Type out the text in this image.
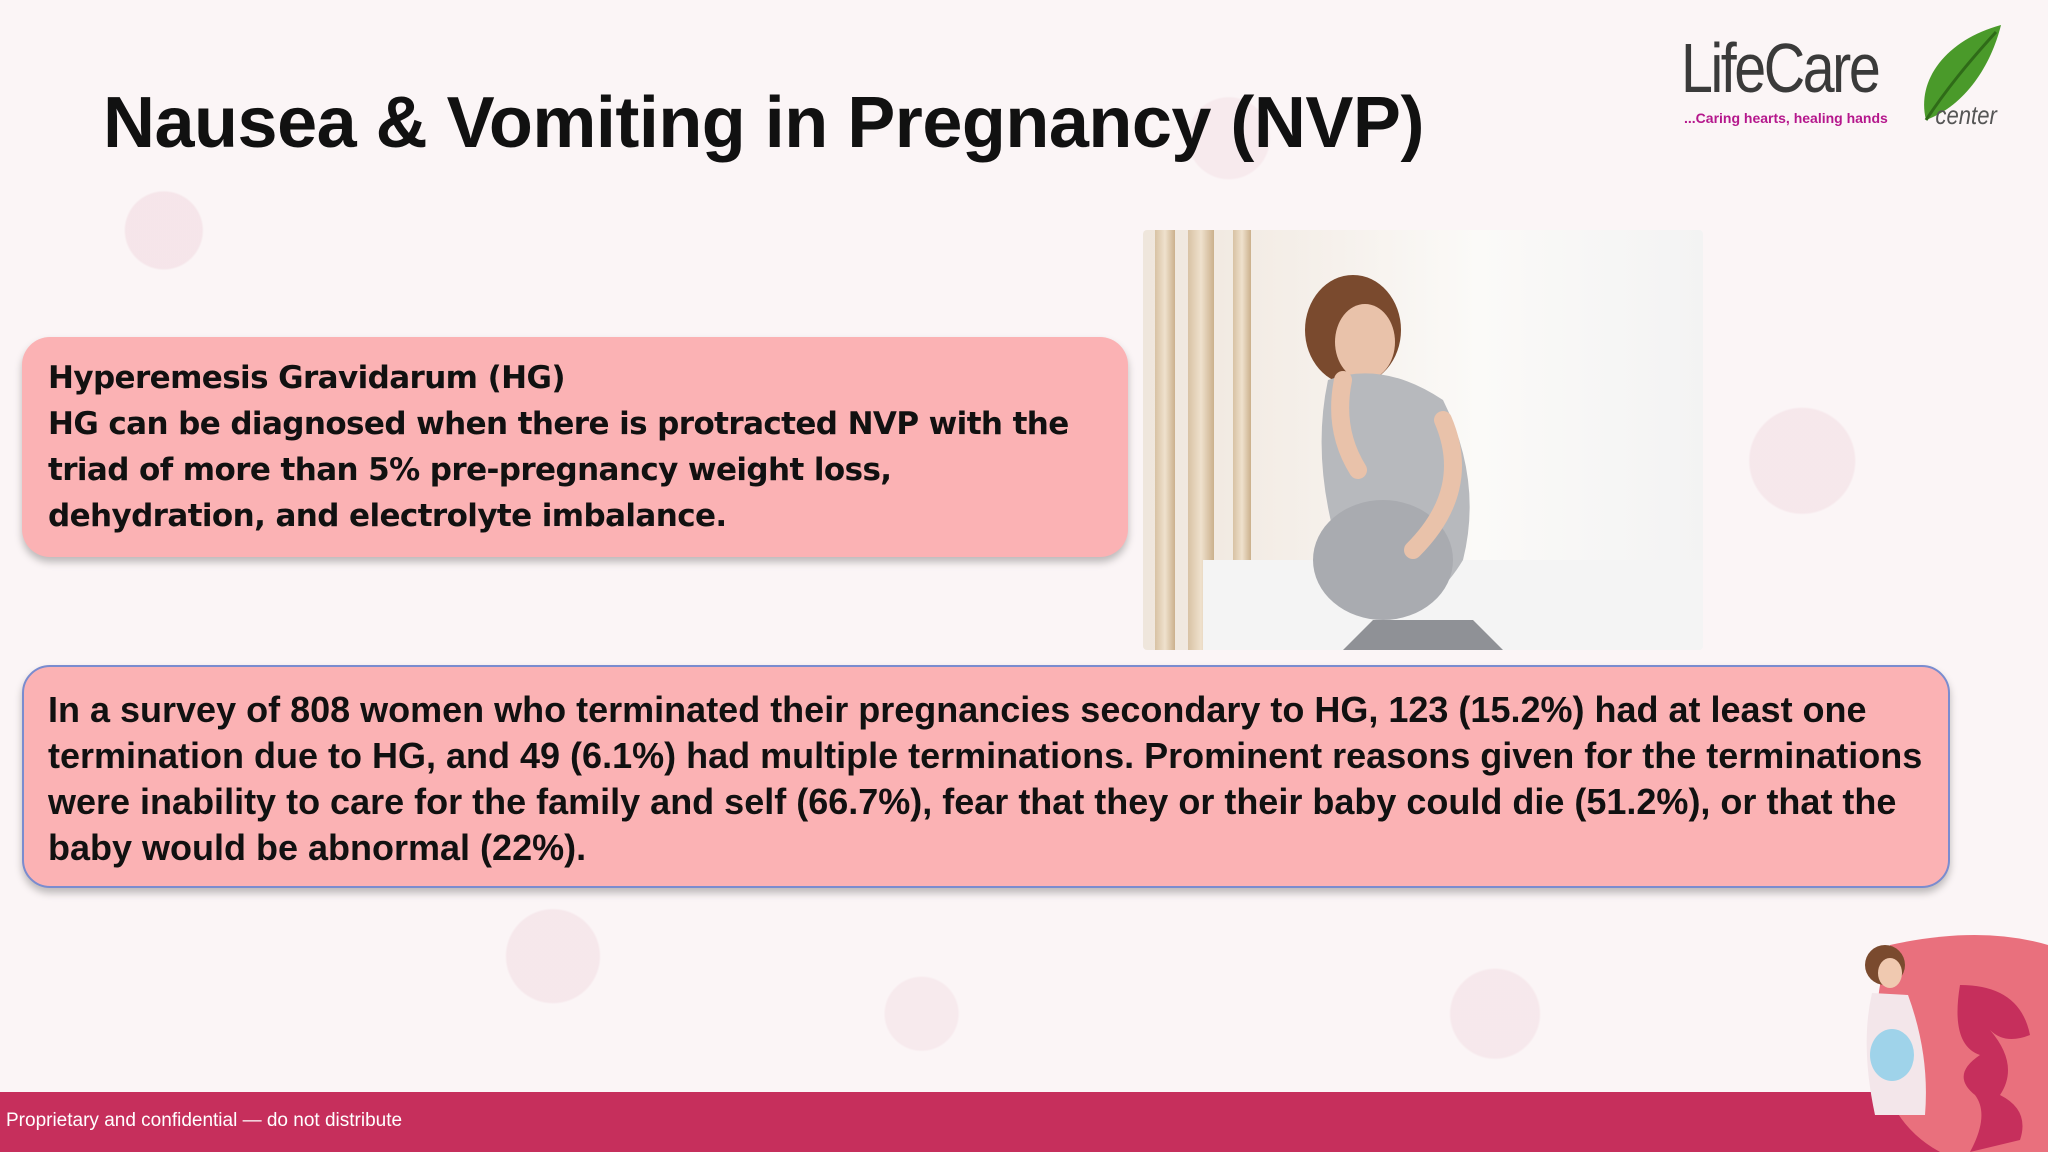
Nausea & Vomiting in Pregnancy (NVP)
LifeCare
...Caring hearts, healing hands center
Hyperemesis Gravidarum (HG)
HG can be diagnosed when there is protracted NVP with the triad of more than 5% pre-pregnancy weight loss, dehydration, and electrolyte imbalance.

In a survey of 808 women who terminated their pregnancies secondary to HG, 123 (15.2%) had at least one termination due to HG, and 49 (6.1%) had multiple terminations. Prominent reasons given for the terminations were inability to care for the family and self (66.7%), fear that they or their baby could die (51.2%), or that the baby would be abnormal (22%).

Proprietary and confidential — do not distribute
